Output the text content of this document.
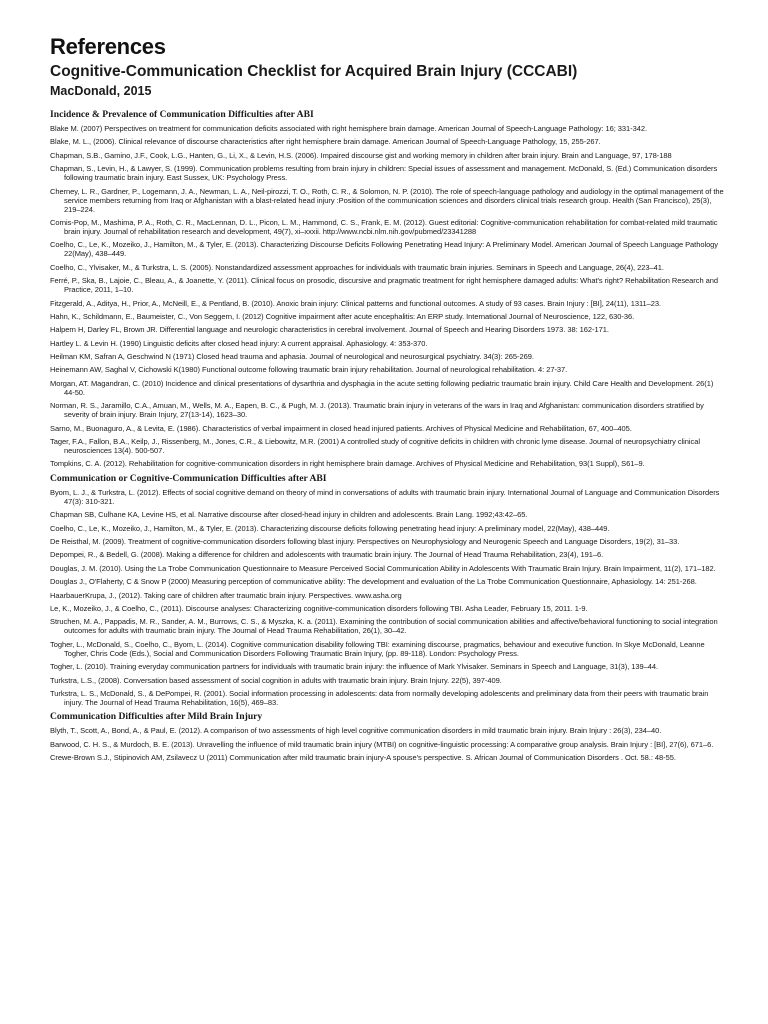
References
Cognitive-Communication Checklist for Acquired Brain Injury (CCCABI)
MacDonald, 2015
Incidence & Prevalence of Communication Difficulties after ABI
Blake M. (2007) Perspectives on treatment for communication deficits associated with right hemisphere brain damage. American Journal of Speech-Language Pathology: 16; 331-342.
Blake, M. L., (2006). Clinical relevance of discourse characteristics after right hemisphere brain damage. American Journal of Speech-Language Pathology, 15, 255-267.
Chapman, S.B., Gamino, J.F., Cook, L.G., Hanten, G., Li, X., & Levin, H.S. (2006). Impaired discourse gist and working memory in children after brain injury. Brain and Language, 97, 178-188
Chapman, S., Levin, H., & Lawyer, S. (1999). Communication problems resulting from brain injury in children: Special issues of assessment and management. McDonald, S. (Ed.) Communication disorders following traumatic brain injury. East Sussex, UK: Psychology Press.
Cherney, L. R., Gardner, P., Logemann, J. A., Newman, L. A., Neil-pirozzi, T. O., Roth, C. R., & Solomon, N. P. (2010). The role of speech-language pathology and audiology in the optimal management of the service members returning from Iraq or Afghanistan with a blast-related head injury :Position of the communication sciences and disorders clinical trials research group. Health (San Francisco), 25(3), 219–224.
Cornis-Pop, M., Mashima, P. A., Roth, C. R., MacLennan, D. L., Picon, L. M., Hammond, C. S., Frank, E. M. (2012). Guest editorial: Cognitive-communication rehabilitation for combat-related mild traumatic brain injury. Journal of rehabilitation research and development, 49(7), xi–xxxii. http://www.ncbi.nlm.nih.gov/pubmed/23341288
Coelho, C., Le, K., Mozeiko, J., Hamilton, M., & Tyler, E. (2013). Characterizing Discourse Deficits Following Penetrating Head Injury: A Preliminary Model. American Journal of Speech Language Pathology 22(May), 438–449.
Coelho, C., Ylvisaker, M., & Turkstra, L. S. (2005). Nonstandardized assessment approaches for individuals with traumatic brain injuries. Seminars in Speech and Language, 26(4), 223–41.
Ferré, P., Ska, B., Lajoie, C., Bleau, A., & Joanette, Y. (2011). Clinical focus on prosodic, discursive and pragmatic treatment for right hemisphere damaged adults: What's right? Rehabilitation Research and Practice, 2011, 1–10.
Fitzgerald, A., Aditya, H., Prior, A., McNeill, E., & Pentland, B. (2010). Anoxic brain injury: Clinical patterns and functional outcomes. A study of 93 cases. Brain Injury : [BI], 24(11), 1311–23.
Hahn, K., Schildmann, E., Baumeister, C., Von Seggern, I. (2012) Cognitive impairment after acute encephalitis: An ERP study. International Journal of Neuroscience, 122, 630-36.
Halpern H, Darley FL, Brown JR. Differential language and neurologic characteristics in cerebral involvement. Journal of Speech and Hearing Disorders 1973. 38: 162-171.
Hartley L. & Levin H. (1990) Linguistic deficits after closed head injury: A current appraisal. Aphasiology. 4: 353-370.
Heilman KM, Safran A, Geschwind N (1971) Closed head trauma and aphasia. Journal of neurological and neurosurgical psychiatry. 34(3): 265-269.
Heinemann AW, Saghal V, Cichowski K(1980) Functional outcome following traumatic brain injury rehabilitation. Journal of neurological rehabilitation. 4: 27-37.
Morgan, AT. Magandran, C. (2010) Incidence and clinical presentations of dysarthria and dysphagia in the acute setting following pediatric traumatic brain injury. Child Care Health and Development. 26(1) 44-50.
Norman, R. S., Jaramillo, C.A., Amuan, M., Wells, M. A., Eapen, B. C., & Pugh, M. J. (2013). Traumatic brain injury in veterans of the wars in Iraq and Afghanistan: communication disorders stratified by severity of brain injury. Brain Injury, 27(13-14), 1623–30.
Sarno, M., Buonaguro, A., & Levita, E. (1986). Characteristics of verbal impairment in closed head injured patients. Archives of Physical Medicine and Rehabilitation, 67, 400–405.
Tager, F.A., Fallon, B.A., Keilp, J., Rissenberg, M., Jones, C.R., & Liebowitz, M.R. (2001) A controlled study of cognitive deficits in children with chronic lyme disease. Journal of neuropsychiatry clinical neurosciences 13(4). 500-507.
Tompkins, C. A. (2012). Rehabilitation for cognitive-communication disorders in right hemisphere brain damage. Archives of Physical Medicine and Rehabilitation, 93(1 Suppl), S61–9.
Communication or Cognitive-Communication Difficulties after ABI
Byom, L. J., & Turkstra, L. (2012). Effects of social cognitive demand on theory of mind in conversations of adults with traumatic brain injury. International Journal of Language and Communication Disorders 47(3): 310-321.
Chapman SB, Culhane KA, Levine HS, et al. Narrative discourse after closed-head injury in children and adolescents. Brain Lang. 1992;43:42–65.
Coelho, C., Le, K., Mozeiko, J., Hamilton, M., & Tyler, E. (2013). Characterizing discourse deficits following penetrating head injury: A preliminary model, 22(May), 438–449.
De Reisthal, M. (2009). Treatment of cognitive-communication disorders following blast injury. Perspectives on Neurophysiology and Neurogenic Speech and Language Disorders, 19(2), 31–33.
Depompei, R., & Bedell, G. (2008). Making a difference for children and adolescents with traumatic brain injury. The Journal of Head Trauma Rehabilitation, 23(4), 191–6.
Douglas, J. M. (2010). Using the La Trobe Communication Questionnaire to Measure Perceived Social Communication Ability in Adolescents With Traumatic Brain Injury. Brain Impairment, 11(2), 171–182.
Douglas J., O'Flaherty, C & Snow P (2000) Measuring perception of communicative ability: The development and evaluation of the La Trobe Communication Questionnaire, Aphasiology. 14: 251-268.
HaarbauerKrupa, J., (2012). Taking care of children after traumatic brain injury. Perspectives. www.asha.org
Le, K., Mozeiko, J., & Coelho, C., (2011). Discourse analyses: Characterizing cognitive-communication disorders following TBI. Asha Leader, February 15, 2011. 1-9.
Struchen, M. A., Pappadis, M. R., Sander, A. M., Burrows, C. S., & Myszka, K. a. (2011). Examining the contribution of social communication abilities and affective/behavioral functioning to social integration outcomes for adults with traumatic brain injury. The Journal of Head Trauma Rehabilitation, 26(1), 30–42.
Togher, L., McDonald, S., Coelho, C., Byom, L. (2014). Cognitive communication disability following TBI: examining discourse, pragmatics, behaviour and executive function. In Skye McDonald, Leanne Togher, Chris Code (Eds.), Social and Communication Disorders Following Traumatic Brain Injury, (pp. 89-118). London: Psychology Press.
Togher, L. (2010). Training everyday communication partners for individuals with traumatic brain injury: the influence of Mark Ylvisaker. Seminars in Speech and Language, 31(3), 139–44.
Turkstra, L.S., (2008). Conversation based assessment of social cognition in adults with traumatic brain injury. Brain Injury. 22(5), 397-409.
Turkstra, L. S., McDonald, S., & DePompei, R. (2001). Social information processing in adolescents: data from normally developing adolescents and preliminary data from their peers with traumatic brain injury. The Journal of Head Trauma Rehabilitation, 16(5), 469–83.
Communication Difficulties after Mild Brain Injury
Blyth, T., Scott, A., Bond, A., & Paul, E. (2012). A comparison of two assessments of high level cognitive communication disorders in mild traumatic brain injury. Brain Injury : 26(3), 234–40.
Barwood, C. H. S., & Murdoch, B. E. (2013). Unravelling the influence of mild traumatic brain injury (MTBI) on cognitive-linguistic processing: A comparative group analysis. Brain Injury : [BI], 27(6), 671–6.
Crewe-Brown S.J., Stipinovich AM, Zsilavecz U (2011) Communication after mild traumatic brain injury-A spouse's perspective. S. African Journal of Communication Disorders . Oct. 58.: 48-55.
